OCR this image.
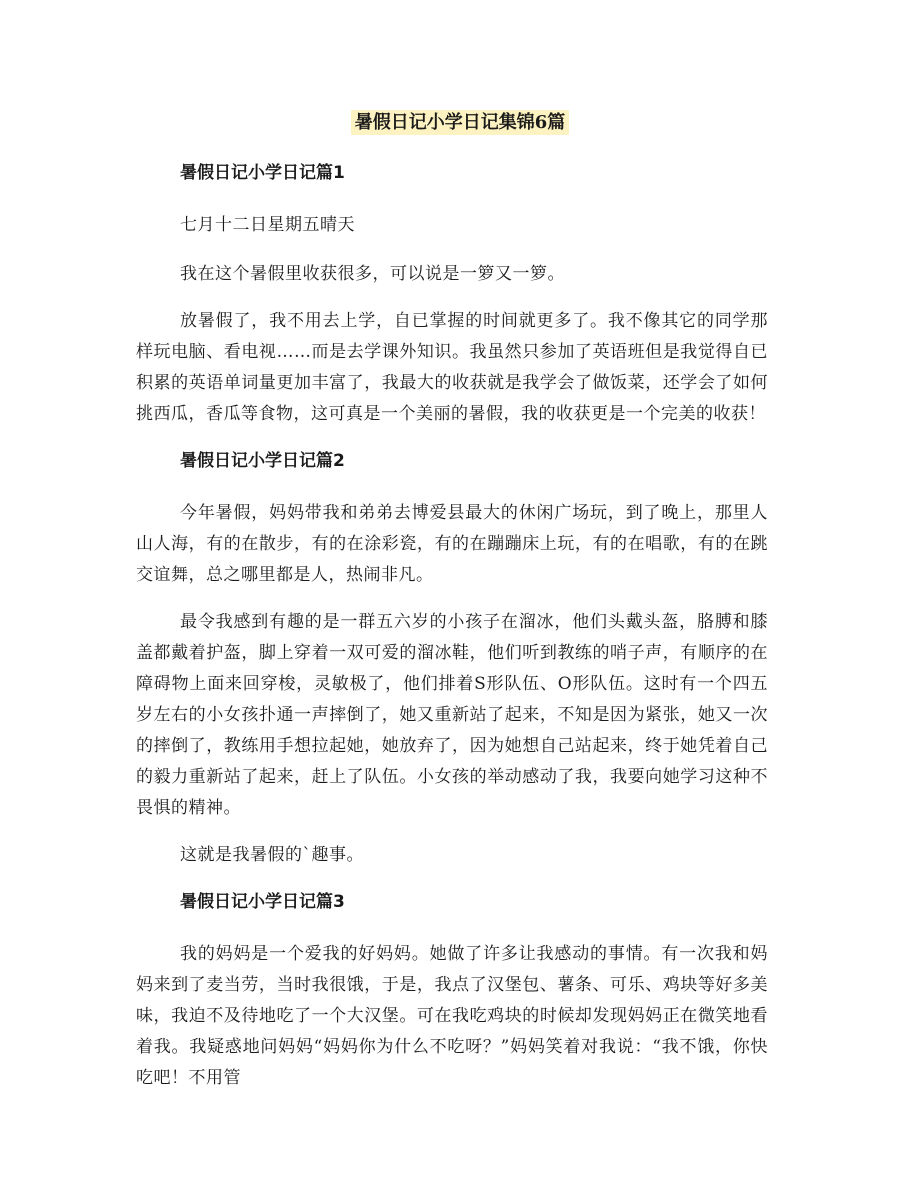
暑假日记小学日记集锦6篇
暑假日记小学日记篇1

七月十二日星期五晴天

我在这个暑假里收获很多，可以说是一箩又一箩。

放暑假了，我不用去上学，自已掌握的时间就更多了。我不像其它的同学那样玩电脑、看电视……而是去学课外知识。我虽然只参加了英语班但是我觉得自已积累的英语单词量更加丰富了，我最大的收获就是我学会了做饭菜，还学会了如何挑西瓜，香瓜等食物，这可真是一个美丽的暑假，我的收获更是一个完美的收获！

暑假日记小学日记篇2

今年暑假，妈妈带我和弟弟去博爱县最大的休闲广场玩，到了晚上，那里人山人海，有的在散步，有的在涂彩瓷，有的在蹦蹦床上玩，有的在唱歌，有的在跳交谊舞，总之哪里都是人，热闹非凡。

最令我感到有趣的是一群五六岁的小孩子在溜冰，他们头戴头盔，胳膊和膝盖都戴着护盔，脚上穿着一双可爱的溜冰鞋，他们听到教练的哨子声，有顺序的在障碍物上面来回穿梭，灵敏极了，他们排着S形队伍、O形队伍。这时有一个四五岁左右的小女孩扑通一声摔倒了，她又重新站了起来，不知是因为紧张，她又一次的摔倒了，教练用手想拉起她，她放弃了，因为她想自己站起来，终于她凭着自己的毅力重新站了起来，赶上了队伍。小女孩的举动感动了我，我要向她学习这种不畏惧的精神。

这就是我暑假的`趣事。

暑假日记小学日记篇3

我的妈妈是一个爱我的好妈妈。她做了许多让我感动的事情。有一次我和妈妈来到了麦当劳，当时我很饿，于是，我点了汉堡包、薯条、可乐、鸡块等好多美味，我迫不及待地吃了一个大汉堡。可在我吃鸡块的时候却发现妈妈正在微笑地看着我。我疑惑地问妈妈“妈妈你为什么不吃呀？”妈妈笑着对我说：“我不饿，你快吃吧！不用管
